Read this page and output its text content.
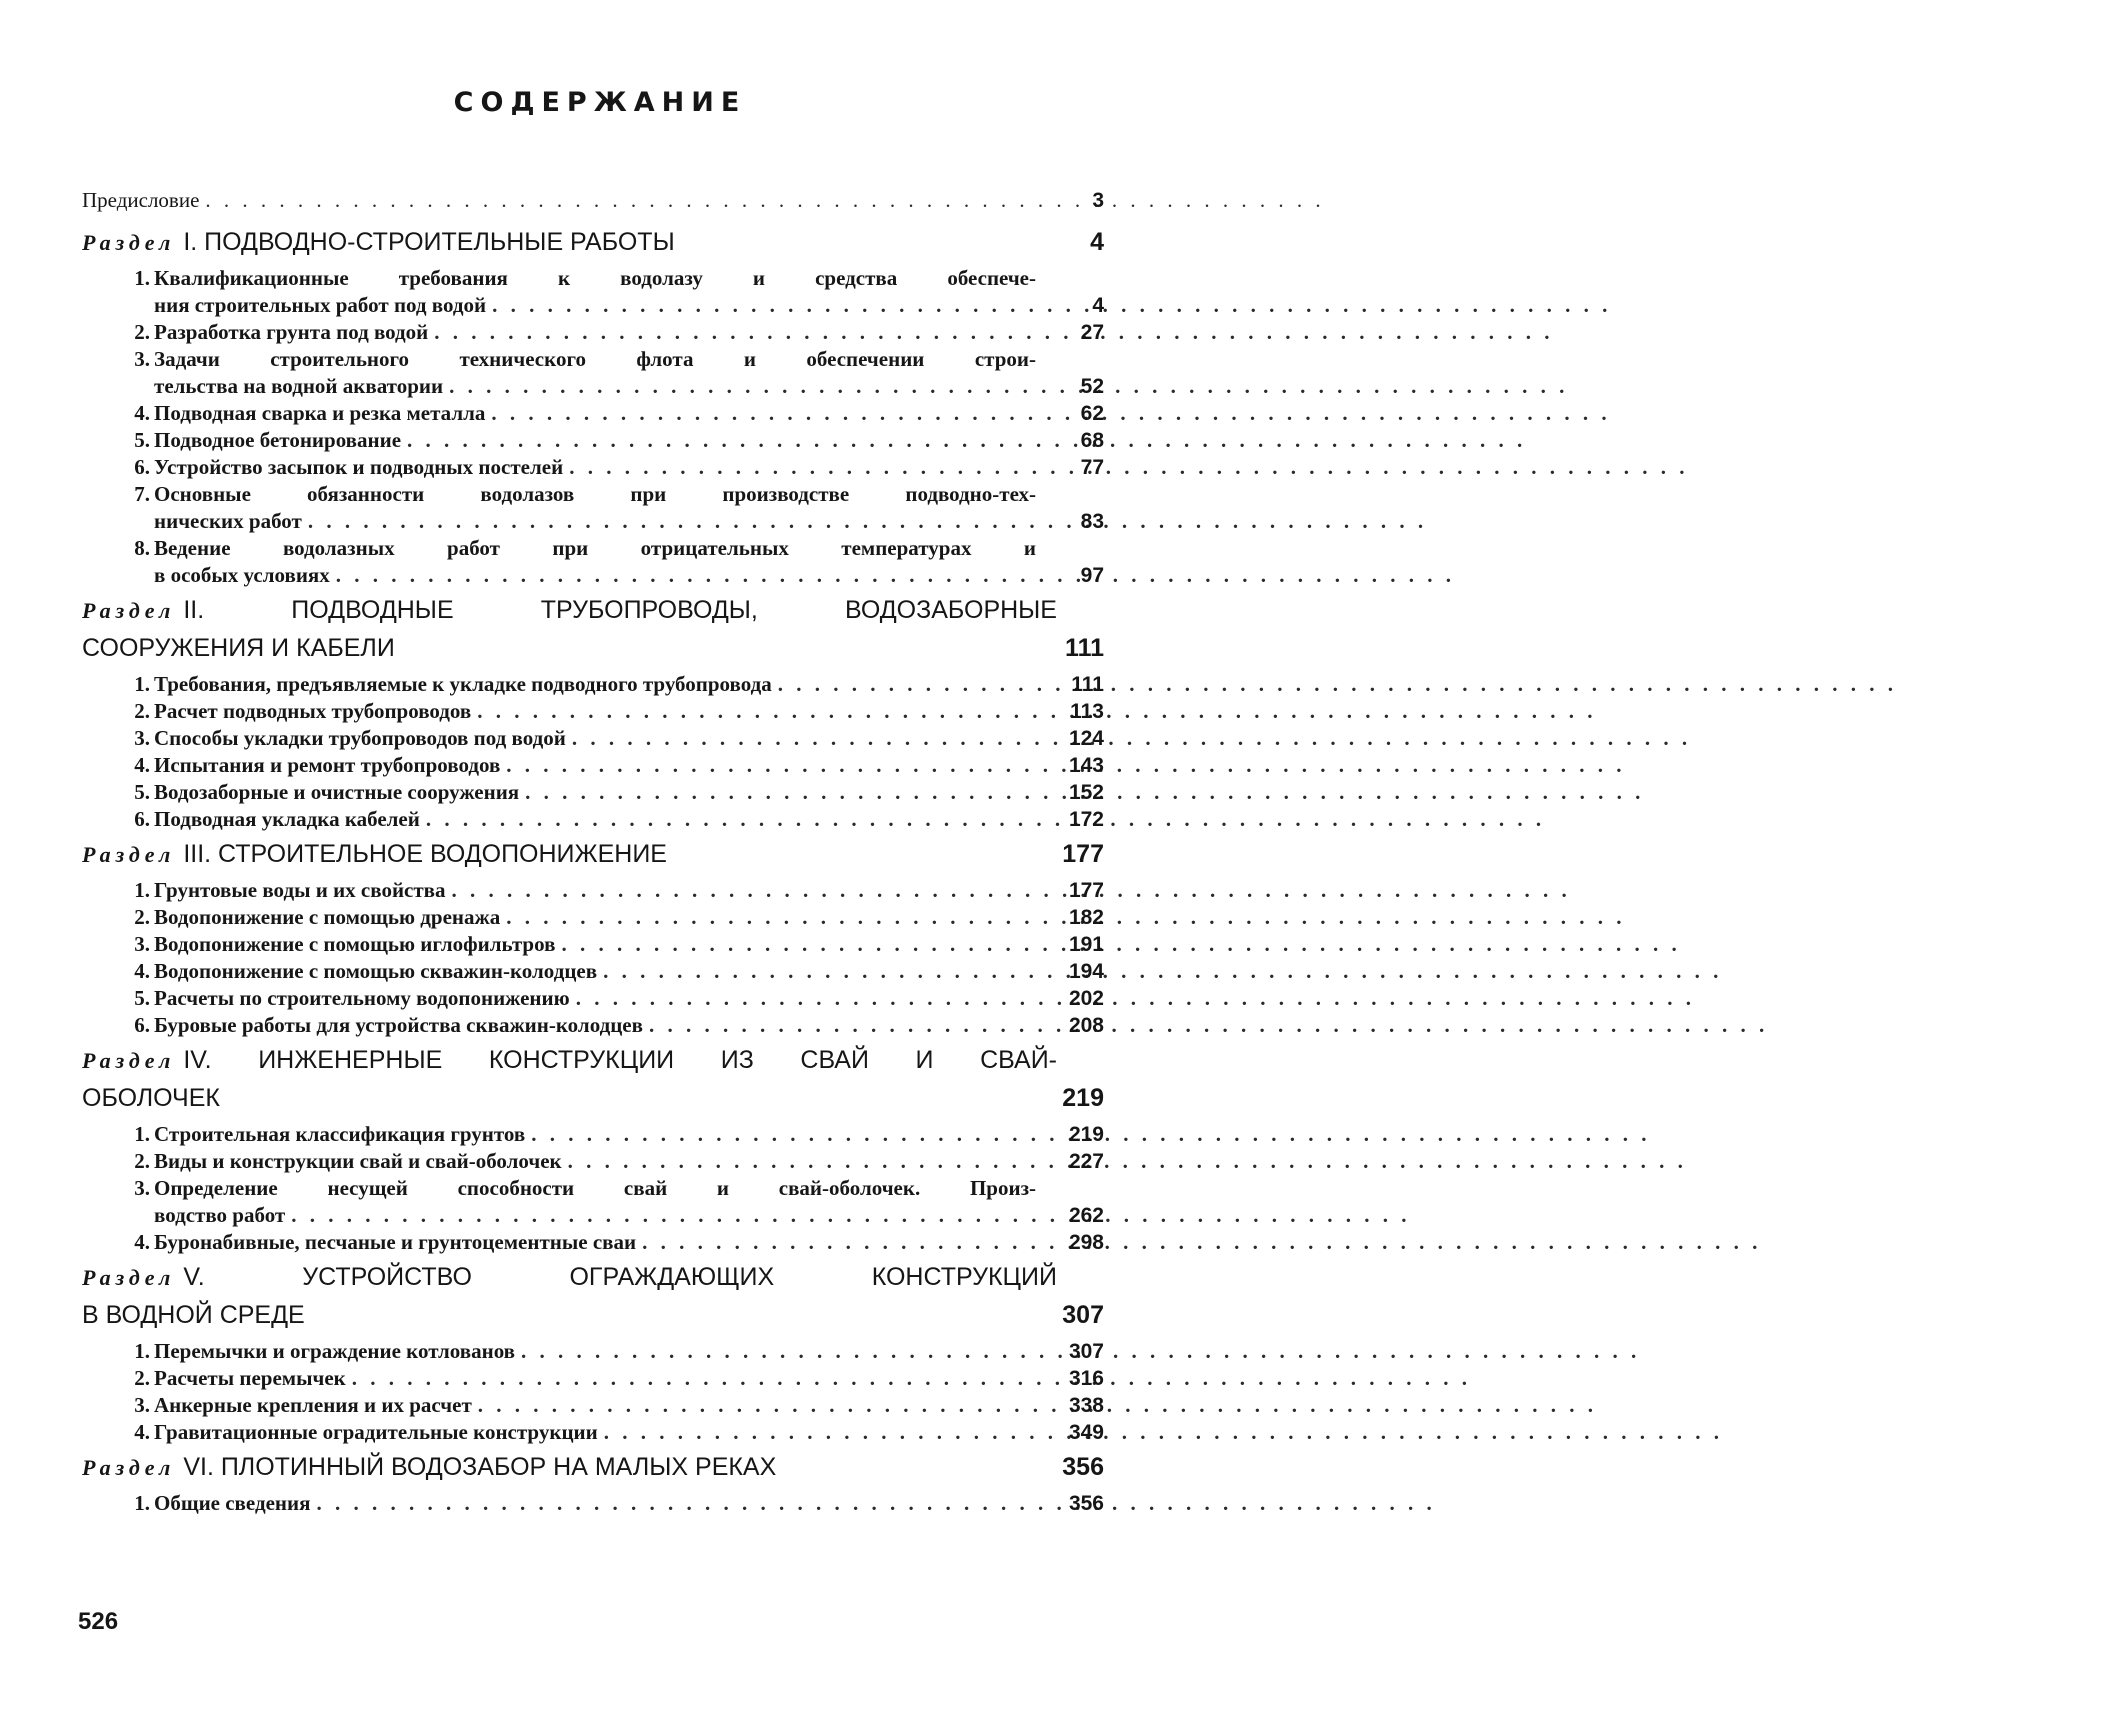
СОДЕРЖАНИЕ
Предисловие . . .	3
Раздел I. ПОДВОДНО-СТРОИТЕЛЬНЫЕ РАБОТЫ	4
1. Квалификационные требования к водолазу и средства обеспече-
ния строительных работ под водой . . .	4
2. Разработка грунта под водой . . .	27
3. Задачи строительного технического флота и обеспечении строи-
тельства на водной акватории . . .	52
4. Подводная сварка и резка металла . . .	62
5. Подводное бетонирование . . .	68
6. Устройство засыпок и подводных постелей . . .	77
7. Основные обязанности водолазов при производстве подводно-тех-
нических работ . . .	83
8. Ведение водолазных работ при отрицательных температурах и
в особых условиях . . .	97
Раздел II. ПОДВОДНЫЕ ТРУБОПРОВОДЫ, ВОДОЗАБОРНЫЕ
СООРУЖЕНИЯ И КАБЕЛИ	111
1. Требования, предъявляемые к укладке подводного трубопровода . . .	111
2. Расчет подводных трубопроводов . . .	113
3. Способы укладки трубопроводов под водой . . .	124
4. Испытания и ремонт трубопроводов . . .	143
5. Водозаборные и очистные сооружения . . .	152
6. Подводная укладка кабелей . . .	172
Раздел III. СТРОИТЕЛЬНОЕ ВОДОПОНИЖЕНИЕ	177
1. Грунтовые воды и их свойства . . .	177
2. Водопонижение с помощью дренажа . . .	182
3. Водопонижение с помощью иглофильтров . . .	191
4. Водопонижение с помощью скважин-колодцев . . .	194
5. Расчеты по строительному водопонижению . . .	202
6. Буровые работы для устройства скважин-колодцев . . .	208
Раздел IV. ИНЖЕНЕРНЫЕ КОНСТРУКЦИИ ИЗ СВАЙ И СВАЙ-
ОБОЛОЧЕК	219
1. Строительная классификация грунтов . . .	219
2. Виды и конструкции свай и свай-оболочек . . .	227
3. Определение несущей способности свай и свай-оболочек. Произ-
водство работ . . .	262
4. Буронабивные, песчаные и грунтоцементные сваи . . .	298
Раздел V. УСТРОЙСТВО ОГРАЖДАЮЩИХ КОНСТРУКЦИЙ
В ВОДНОЙ СРЕДЕ	307
1. Перемычки и ограждение котлованов . . .	307
2. Расчеты перемычек . . .	316
3. Анкерные крепления и их расчет . . .	338
4. Гравитационные оградительные конструкции . . .	349
Раздел VI. ПЛОТИННЫЙ ВОДОЗАБОР НА МАЛЫХ РЕКАХ	356
1. Общие сведения . . .	356
526
